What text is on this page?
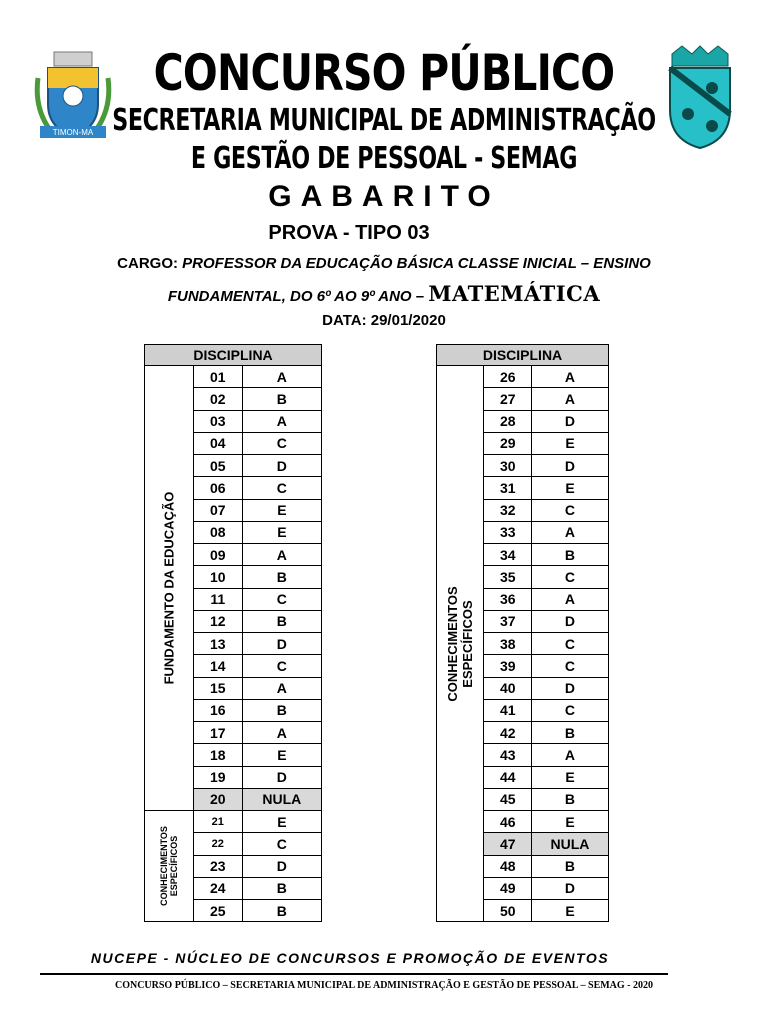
TIMON-MA
CONCURSO PÚBLICO
SECRETARIA MUNICIPAL DE ADMINISTRAÇÃO
E GESTÃO DE PESSOAL - SEMAG
GABARITO
PROVA - TIPO 03
CARGO: PROFESSOR DA EDUCAÇÃO BÁSICA CLASSE INICIAL – ENSINO
FUNDAMENTAL, DO 6º AO 9º ANO – MATEMÁTICA
DATA: 29/01/2020
DISCIPLINA		

FUNDAMENTO DA EDUCAÇÃO	01	A
	02	B
	03	A
	04	C
	05	D
	06	C
	07	E
	08	E
	09	A
	10	B
	11	C
	12	B
	13	D
	14	C
	15	A
	16	B
	17	A
	18	E
	19	D
	20	NULA

CONHECIMENTOS ESPECÍFICOS	21	E
	22	C
	23	D
	24	B
	25	B
DISCIPLINA		

CONHECIMENTOS ESPECÍFICOS	26	A
	27	A
	28	D
	29	E
	30	D
	31	E
	32	C
	33	A
	34	B
	35	C
	36	A
	37	D
	38	C
	39	C
	40	D
	41	C
	42	B
	43	A
	44	E
	45	B
	46	E
	47	NULA
	48	B
	49	D
	50	E
NUCEPE - NÚCLEO DE CONCURSOS E PROMOÇÃO DE EVENTOS
CONCURSO PÚBLICO – SECRETARIA MUNICIPAL DE ADMINISTRAÇÃO E GESTÃO DE PESSOAL – SEMAG - 2020
